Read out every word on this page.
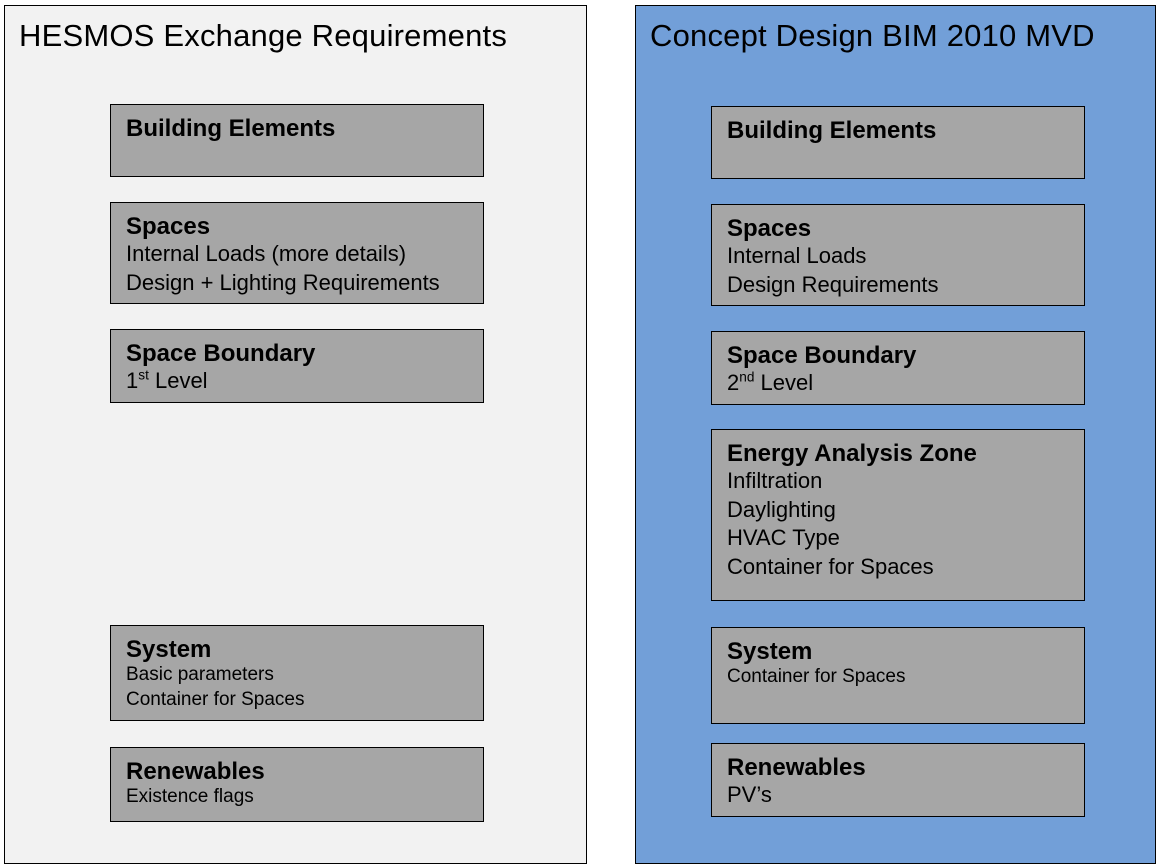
HESMOS Exchange Requirements
Building Elements
Spaces
Internal Loads (more details)
Design + Lighting Requirements
Space Boundary
1st Level
System
Basic parameters
Container for Spaces
Renewables
Existence flags
Concept Design BIM 2010 MVD
Building Elements
Spaces
Internal Loads
Design Requirements
Space Boundary
2nd Level
Energy Analysis Zone
Infiltration
Daylighting
HVAC Type
Container for Spaces
System
Container for Spaces
Renewables
PV’s
